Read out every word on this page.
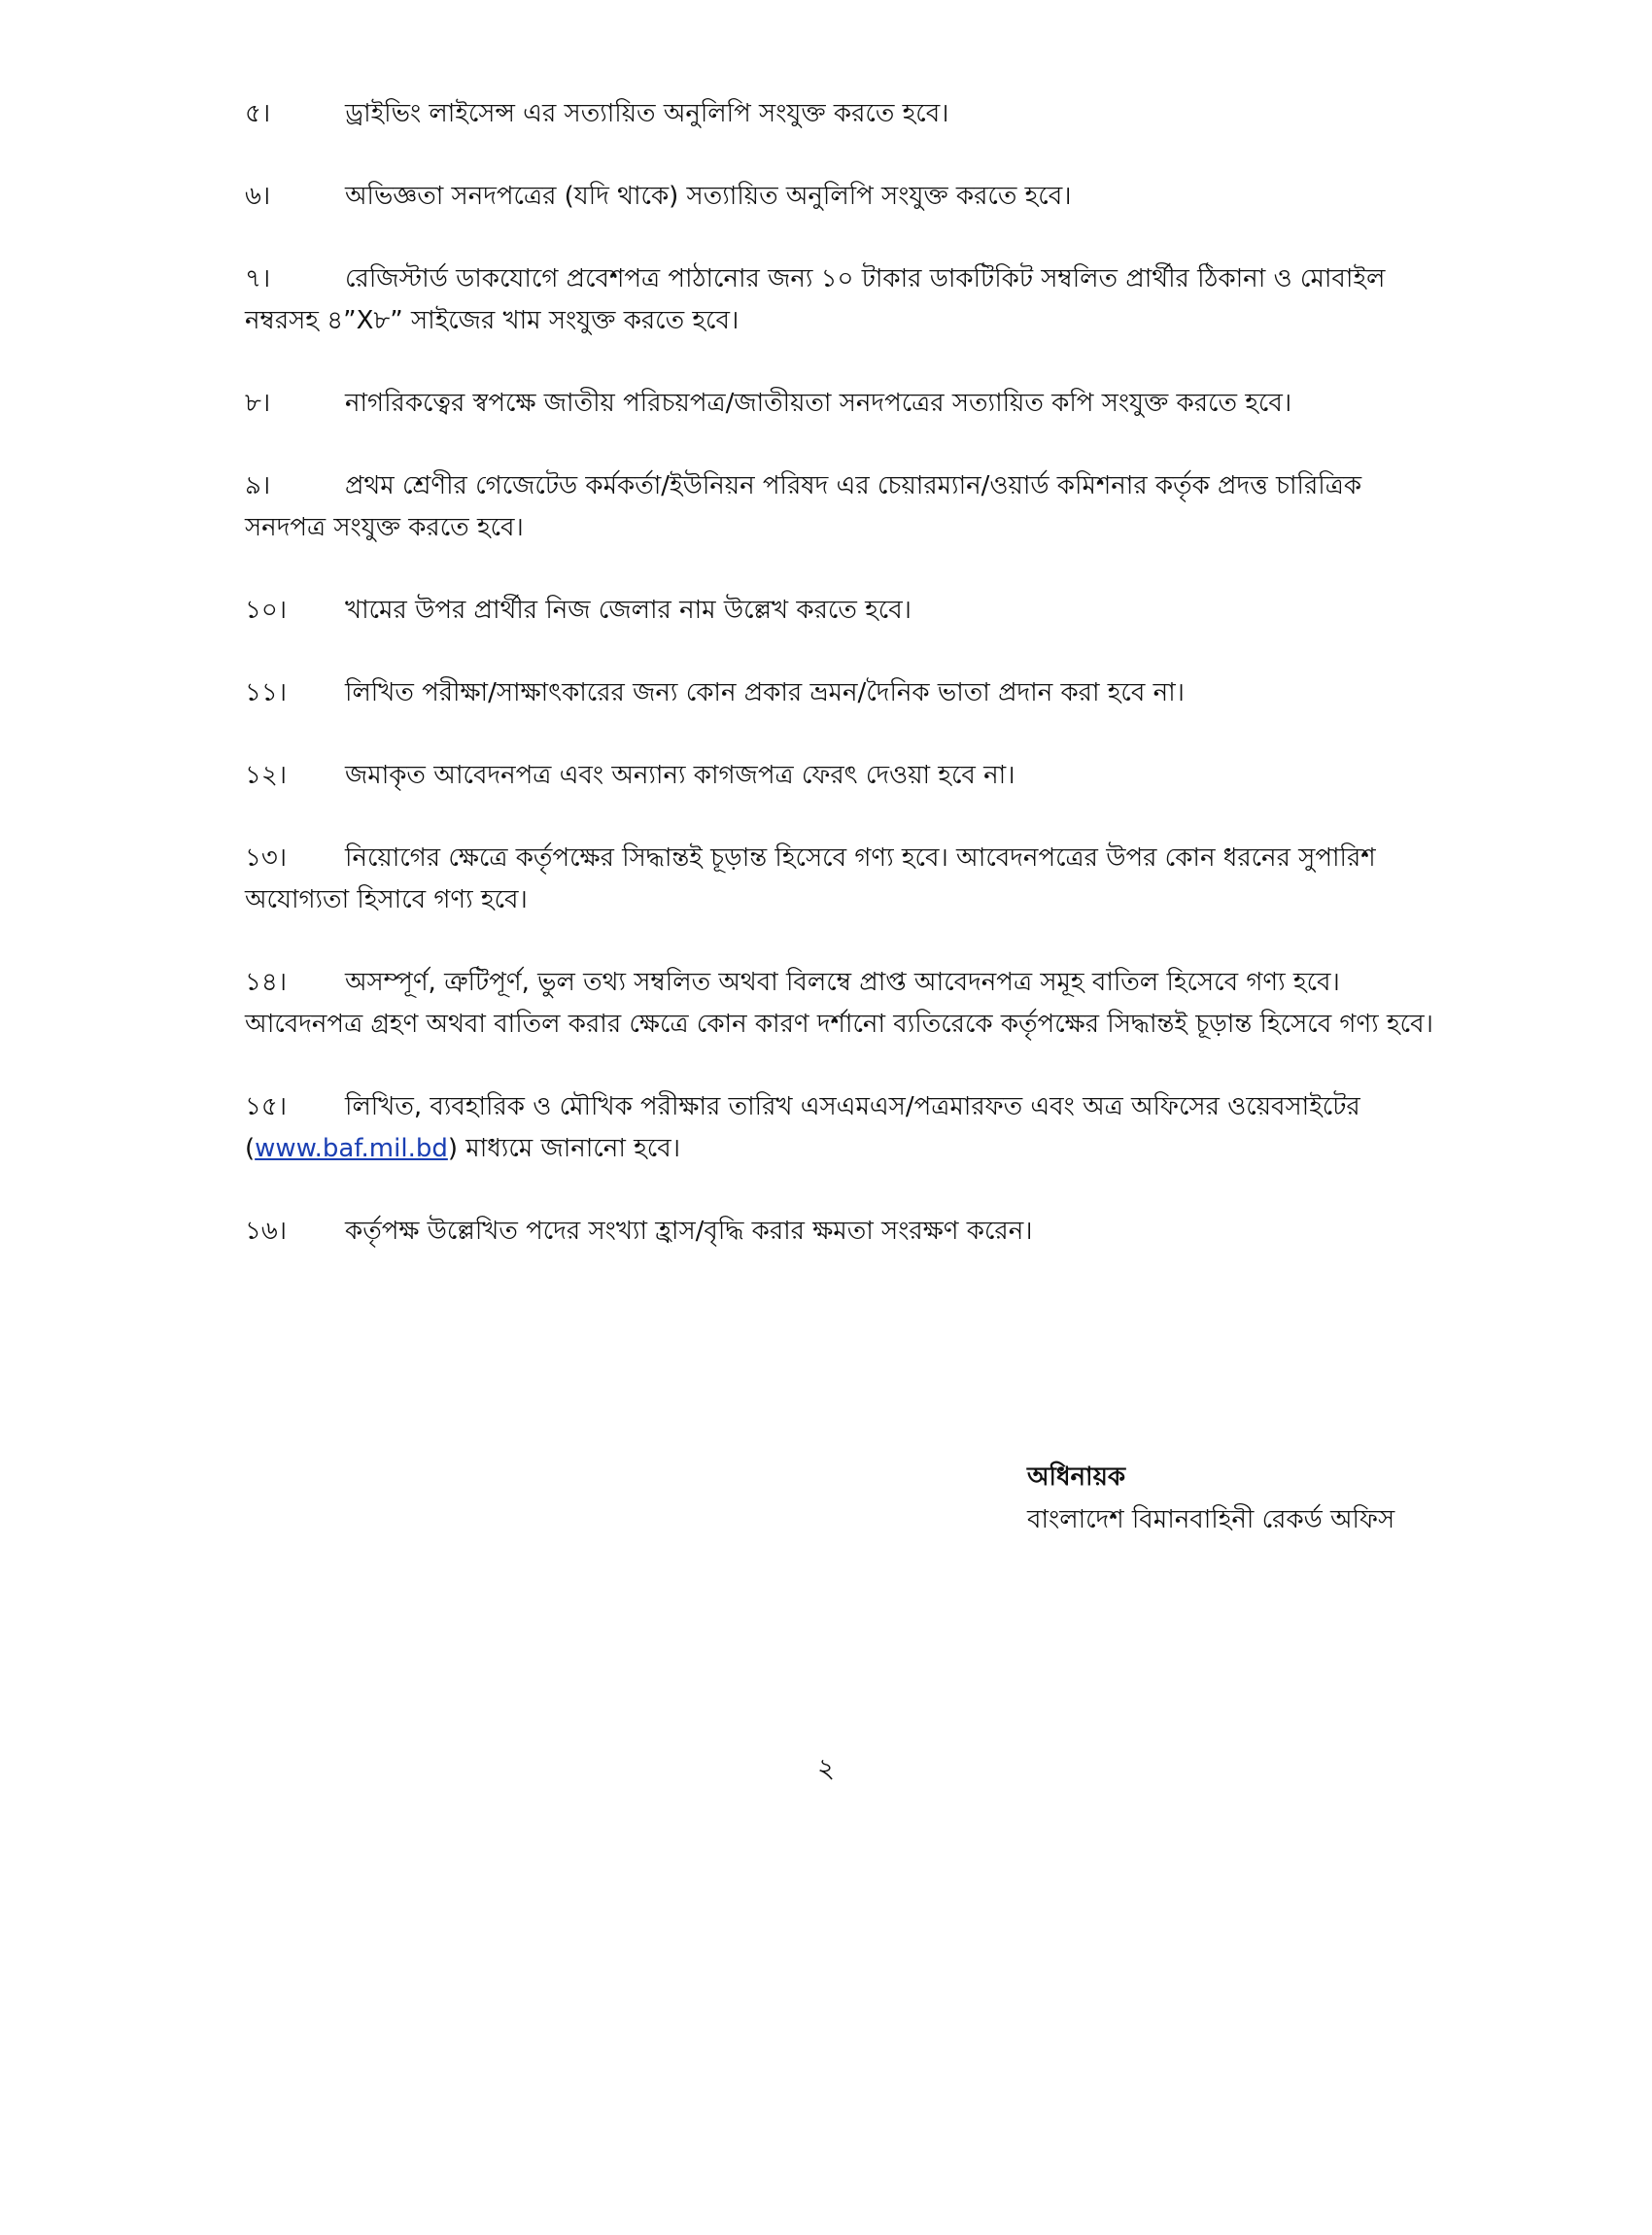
৫।	ড্রাইভিং লাইসেন্স এর সত্যায়িত অনুলিপি সংযুক্ত করতে হবে।
৬।	অভিজ্ঞতা সনদপত্রের (যদি থাকে) সত্যায়িত অনুলিপি সংযুক্ত করতে হবে।
৭।	রেজিস্টার্ড ডাকযোগে প্রবেশপত্র পাঠানোর জন্য ১০ টাকার ডাকটিকিট সম্বলিত প্রার্থীর ঠিকানা ও মোবাইল
নম্বরসহ ৪”X৮” সাইজের খাম সংযুক্ত করতে হবে।
৮।	নাগরিকত্বের স্বপক্ষে জাতীয় পরিচয়পত্র/জাতীয়তা সনদপত্রের সত্যায়িত কপি সংযুক্ত করতে হবে।
৯।	প্রথম শ্রেণীর গেজেটেড কর্মকর্তা/ইউনিয়ন পরিষদ এর চেয়ারম্যান/ওয়ার্ড কমিশনার কর্তৃক প্রদত্ত চারিত্রিক
সনদপত্র সংযুক্ত করতে হবে।
১০।	খামের উপর প্রার্থীর নিজ জেলার নাম উল্লেখ করতে হবে।
১১।	লিখিত পরীক্ষা/সাক্ষাৎকারের জন্য কোন প্রকার ভ্রমন/দৈনিক ভাতা প্রদান করা হবে না।
১২।	জমাকৃত আবেদনপত্র এবং অন্যান্য কাগজপত্র ফেরৎ দেওয়া হবে না।
১৩।	নিয়োগের ক্ষেত্রে কর্তৃপক্ষের সিদ্ধান্তই চূড়ান্ত হিসেবে গণ্য হবে। আবেদনপত্রের উপর কোন ধরনের সুপারিশ
অযোগ্যতা হিসাবে গণ্য হবে।
১৪।	অসম্পূর্ণ, ত্রুটিপূর্ণ, ভুল তথ্য সম্বলিত অথবা বিলম্বে প্রাপ্ত আবেদনপত্র সমূহ বাতিল হিসেবে গণ্য হবে।
আবেদনপত্র গ্রহণ অথবা বাতিল করার ক্ষেত্রে কোন কারণ দর্শানো ব্যতিরেকে কর্তৃপক্ষের সিদ্ধান্তই চূড়ান্ত হিসেবে গণ্য হবে।
১৫।	লিখিত, ব্যবহারিক ও মৌখিক পরীক্ষার তারিখ এসএমএস/পত্রমারফত এবং অত্র অফিসের ওয়েবসাইটের
(www.baf.mil.bd) মাধ্যমে জানানো হবে।
১৬।	কর্তৃপক্ষ উল্লেখিত পদের সংখ্যা হ্রাস/বৃদ্ধি করার ক্ষমতা সংরক্ষণ করেন।
অধিনায়ক
বাংলাদেশ বিমানবাহিনী রেকর্ড অফিস
২
